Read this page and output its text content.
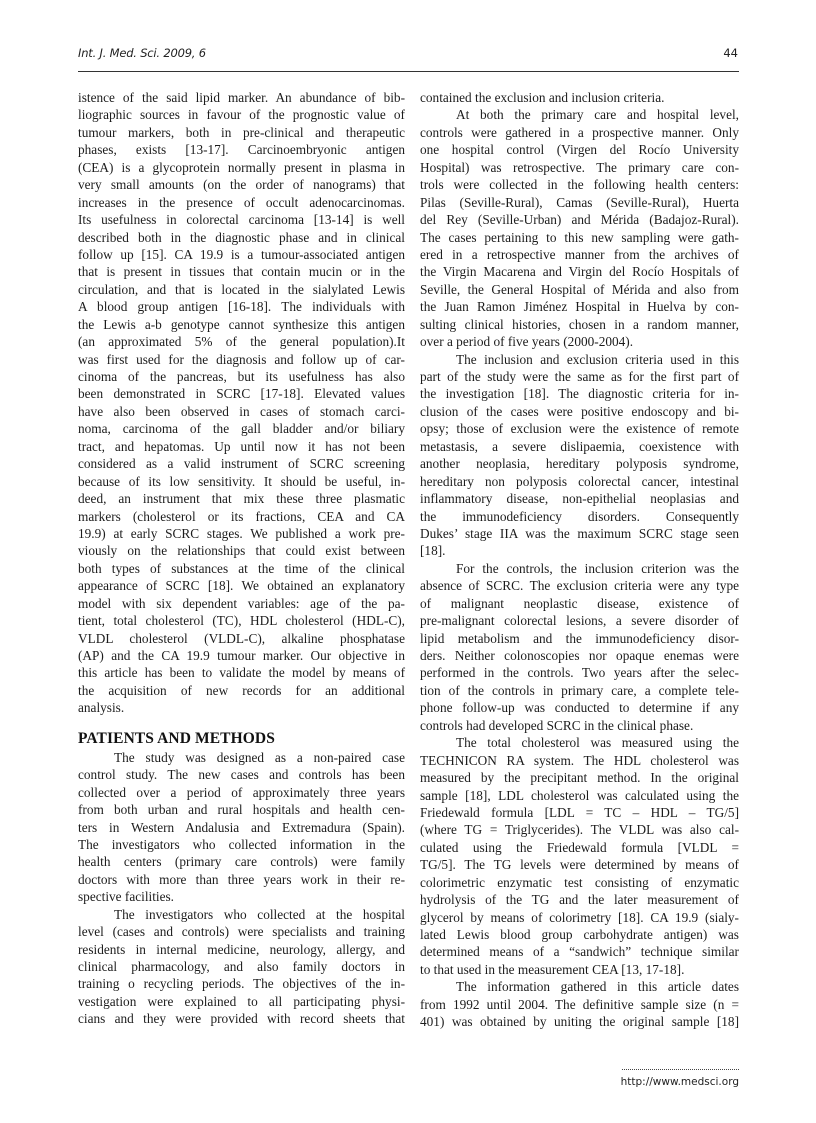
Int. J. Med. Sci. 2009, 6	44
istence of the said lipid marker. An abundance of bib-
liographic sources in favour of the prognostic value of
tumour markers, both in pre-clinical and therapeutic
phases, exists [13-17]. Carcinoembryonic antigen
(CEA) is a glycoprotein normally present in plasma in
very small amounts (on the order of nanograms) that
increases in the presence of occult adenocarcinomas.
Its usefulness in colorectal carcinoma [13-14] is well
described both in the diagnostic phase and in clinical
follow up [15]. CA 19.9 is a tumour-associated antigen
that is present in tissues that contain mucin or in the
circulation, and that is located in the sialylated Lewis
A blood group antigen [16-18]. The individuals with
the Lewis a-b genotype cannot synthesize this antigen
(an approximated 5% of the general population).It
was first used for the diagnosis and follow up of car-
cinoma of the pancreas, but its usefulness has also
been demonstrated in SCRC [17-18]. Elevated values
have also been observed in cases of stomach carci-
noma, carcinoma of the gall bladder and/or biliary
tract, and hepatomas. Up until now it has not been
considered as a valid instrument of SCRC screening
because of its low sensitivity. It should be useful, in-
deed, an instrument that mix these three plasmatic
markers (cholesterol or its fractions, CEA and CA
19.9) at early SCRC stages. We published a work pre-
viously on the relationships that could exist between
both types of substances at the time of the clinical
appearance of SCRC [18]. We obtained an explanatory
model with six dependent variables: age of the pa-
tient, total cholesterol (TC), HDL cholesterol (HDL-C),
VLDL cholesterol (VLDL-C), alkaline phosphatase
(AP) and the CA 19.9 tumour marker. Our objective in
this article has been to validate the model by means of
the acquisition of new records for an additional
analysis.
PATIENTS AND METHODS
The study was designed as a non-paired case
control study. The new cases and controls has been
collected over a period of approximately three years
from both urban and rural hospitals and health cen-
ters in Western Andalusia and Extremadura (Spain).
The investigators who collected information in the
health centers (primary care controls) were family
doctors with more than three years work in their re-
spective facilities.
The investigators who collected at the hospital
level (cases and controls) were specialists and training
residents in internal medicine, neurology, allergy, and
clinical pharmacology, and also family doctors in
training o recycling periods. The objectives of the in-
vestigation were explained to all participating physi-
cians and they were provided with record sheets that
contained the exclusion and inclusion criteria.
At both the primary care and hospital level,
controls were gathered in a prospective manner. Only
one hospital control (Virgen del Rocío University
Hospital) was retrospective. The primary care con-
trols were collected in the following health centers:
Pilas (Seville-Rural), Camas (Seville-Rural), Huerta
del Rey (Seville-Urban) and Mérida (Badajoz-Rural).
The cases pertaining to this new sampling were gath-
ered in a retrospective manner from the archives of
the Virgin Macarena and Virgin del Rocío Hospitals of
Seville, the General Hospital of Mérida and also from
the Juan Ramon Jiménez Hospital in Huelva by con-
sulting clinical histories, chosen in a random manner,
over a period of five years (2000-2004).
The inclusion and exclusion criteria used in this
part of the study were the same as for the first part of
the investigation [18]. The diagnostic criteria for in-
clusion of the cases were positive endoscopy and bi-
opsy; those of exclusion were the existence of remote
metastasis, a severe dislipaemia, coexistence with
another neoplasia, hereditary polyposis syndrome,
hereditary non polyposis colorectal cancer, intestinal
inflammatory disease, non-epithelial neoplasias and
the immunodeficiency disorders. Consequently
Dukes’ stage IIA was the maximum SCRC stage seen
[18].
For the controls, the inclusion criterion was the
absence of SCRC. The exclusion criteria were any type
of malignant neoplastic disease, existence of
pre-malignant colorectal lesions, a severe disorder of
lipid metabolism and the immunodeficiency disor-
ders. Neither colonoscopies nor opaque enemas were
performed in the controls. Two years after the selec-
tion of the controls in primary care, a complete tele-
phone follow-up was conducted to determine if any
controls had developed SCRC in the clinical phase.
The total cholesterol was measured using the
TECHNICON RA system. The HDL cholesterol was
measured by the precipitant method. In the original
sample [18], LDL cholesterol was calculated using the
Friedewald formula [LDL = TC – HDL – TG/5]
(where TG = Triglycerides). The VLDL was also cal-
culated using the Friedewald formula [VLDL =
TG/5]. The TG levels were determined by means of
colorimetric enzymatic test consisting of enzymatic
hydrolysis of the TG and the later measurement of
glycerol by means of colorimetry [18]. CA 19.9 (sialy-
lated Lewis blood group carbohydrate antigen) was
determined means of a “sandwich” technique similar
to that used in the measurement CEA [13, 17-18].
The information gathered in this article dates
from 1992 until 2004. The definitive sample size (n =
401) was obtained by uniting the original sample [18]
http://www.medsci.org
